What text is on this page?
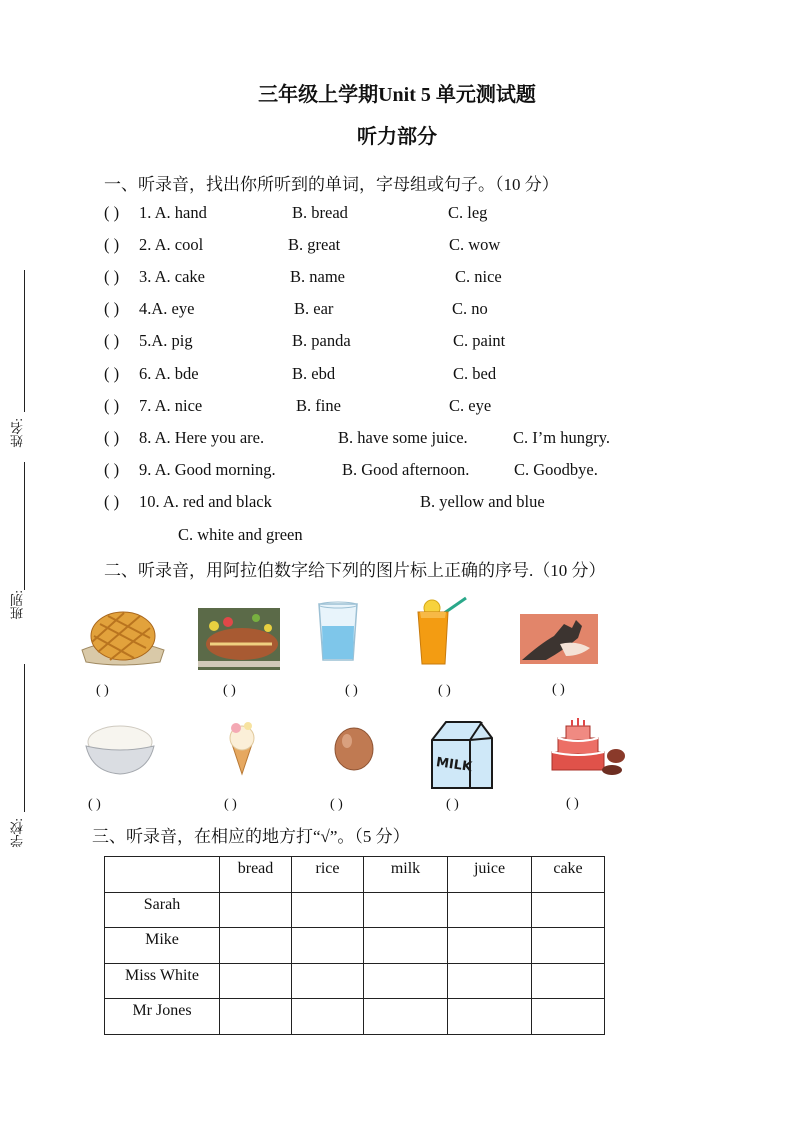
三年级上学期Unit 5 单元测试题
听力部分
姓名:
班别:
学校:
一、听录音，找出你所听到的单词，字母组或句子。（10 分）
( ) 1. A. hand	B. bread	C. leg
( ) 2. A. cool	B. great	C. wow
( ) 3. A. cake	B. name	C. nice
( ) 4.A. eye	B. ear	C. no
( ) 5.A. pig	B. panda	C. paint
( ) 6. A. bde	B. ebd	C. bed
( ) 7. A. nice	B. fine	C. eye
( ) 8. A. Here you are.	B. have some juice.	C. I’m hungry.
( ) 9. A. Good morning.	B. Good afternoon.	C. Goodbye.
( ) 10. A. red and black	B. yellow and blue
C. white and green
二、听录音，用阿拉伯数字给下列的图片标上正确的序号.（10 分）
( )	( )	( )	( )	( )
MILK
( )	( )	( )	( )	( )
三、听录音，在相应的地方打“√”。（5 分）
	bread	rice	milk	juice	cake
Sarah					
Mike					
Miss White					
Mr Jones					
